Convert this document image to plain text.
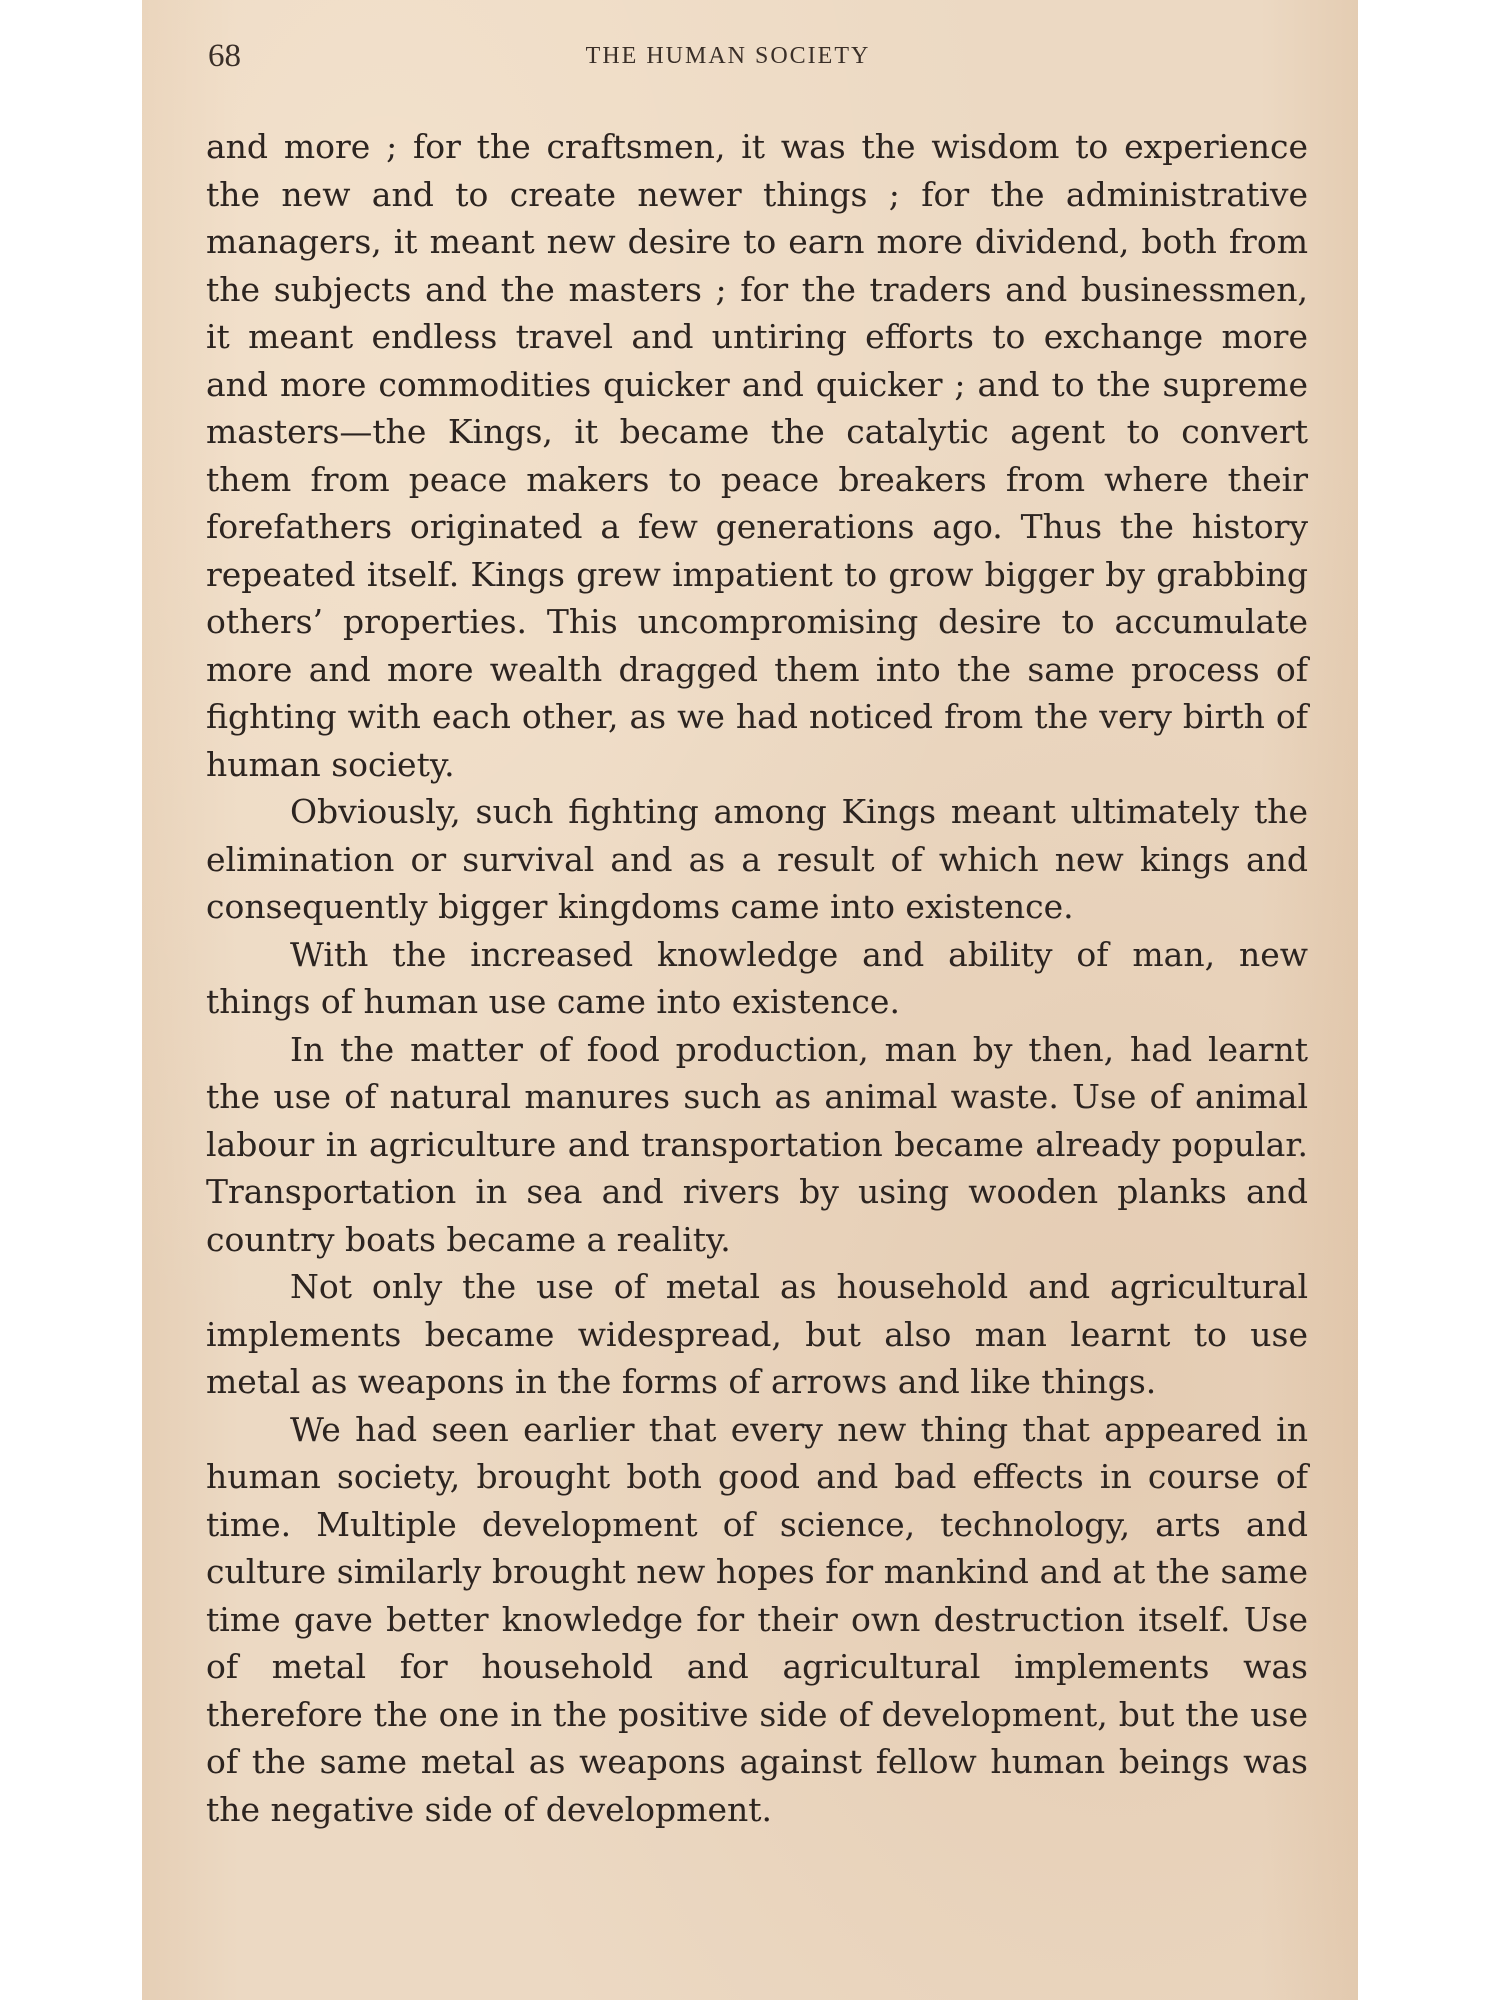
68	THE HUMAN SOCIETY

and more ; for the craftsmen, it was the wisdom to experience the new and to create newer things ; for the administrative managers, it meant new desire to earn more dividend, both from the subjects and the masters ; for the traders and businessmen, it meant endless travel and untiring efforts to exchange more and more commodities quicker and quicker ; and to the supreme masters—the Kings, it became the catalytic agent to convert them from peace makers to peace breakers from where their forefathers originated a few generations ago. Thus the history repeated itself. Kings grew impatient to grow bigger by grabbing others’ properties. This uncompromising desire to accumulate more and more wealth dragged them into the same process of fighting with each other, as we had noticed from the very birth of human society.

Obviously, such fighting among Kings meant ultimately the elimination or survival and as a result of which new kings and consequently bigger kingdoms came into existence.

With the increased knowledge and ability of man, new things of human use came into existence.

In the matter of food production, man by then, had learnt the use of natural manures such as animal waste. Use of animal labour in agriculture and transportation became already popular. Transportation in sea and rivers by using wooden planks and country boats became a reality.

Not only the use of metal as household and agricultural implements became widespread, but also man learnt to use metal as weapons in the forms of arrows and like things.

We had seen earlier that every new thing that appeared in human society, brought both good and bad effects in course of time. Multiple development of science, technology, arts and culture similarly brought new hopes for mankind and at the same time gave better knowledge for their own destruction itself. Use of metal for household and agricultural implements was therefore the one in the positive side of development, but the use of the same metal as weapons against fellow human beings was the negative side of development.
